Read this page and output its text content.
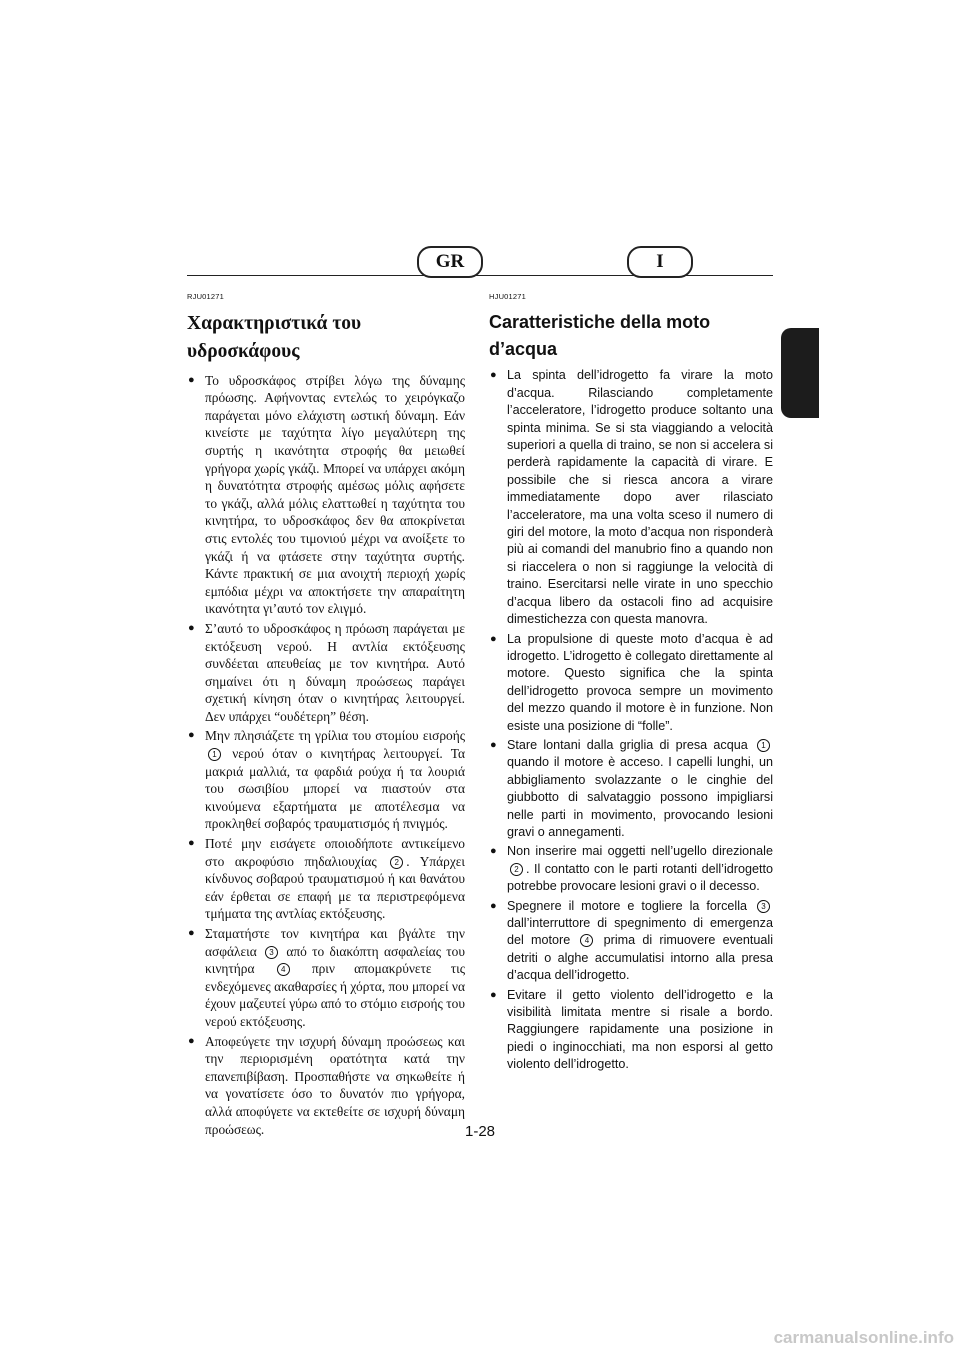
GR	I
RJU01271
Χαρακτηριστικά του
υδροσκάφους
● Το υδροσκάφος στρίβει λόγω της δύναμης πρόωσης. Αφήνοντας εντελώς το χειρόγκαζο παράγεται μόνο ελάχιστη ωστική δύναμη. Εάν κινείστε με ταχύτητα λίγο μεγαλύτερη της συρτής η ικανότητα στροφής θα μειωθεί γρήγορα χωρίς γκάζι. Μπορεί να υπάρχει ακόμη η δυνατότητα στροφής αμέσως μόλις αφήσετε το γκάζι, αλλά μόλις ελαττωθεί η ταχύτητα του κινητήρα, το υδροσκάφος δεν θα αποκρίνεται στις εντολές του τιμονιού μέχρι να ανοίξετε το γκάζι ή να φτάσετε στην ταχύτητα συρτής. Κάντε πρακτική σε μια ανοιχτή περιοχή χωρίς εμπόδια μέχρι να αποκτήσετε την απαραίτητη ικανότητα γι’αυτό τον ελιγμό.
● Σ’αυτό το υδροσκάφος η πρόωση παράγεται με εκτόξευση νερού. Η αντλία εκτόξευσης συνδέεται απευθείας με τον κινητήρα. Αυτό σημαίνει ότι η δύναμη προώσεως παράγει σχετική κίνηση όταν ο κινητήρας λειτουργεί. Δεν υπάρχει “ουδέτερη” θέση.
● Μην πλησιάζετε τη γρίλια του στομίου εισροής 1 νερού όταν ο κινητήρας λειτουργεί. Τα μακριά μαλλιά, τα φαρδιά ρούχα ή τα λουριά του σωσιβίου μπορεί να πιαστούν στα κινούμενα εξαρτήματα με αποτέλεσμα να προκληθεί σοβαρός τραυματισμός ή πνιγμός.
● Ποτέ μην εισάγετε οποιοδήποτε αντικείμενο στο ακροφύσιο πηδαλιουχίας 2 . Υπάρχει κίνδυνος σοβαρού τραυματισμού ή και θανάτου εάν έρθεται σε επαφή με τα περιστρεφόμενα τμήματα της αντλίας εκτόξευσης.
● Σταματήστε τον κινητήρα και βγάλτε την ασφάλεια 3 από το διακόπτη ασφαλείας του κινητήρα 4 πριν απομακρύνετε τις ενδεχόμενες ακαθαρσίες ή χόρτα, που μπορεί να έχουν μαζευτεί γύρω από το στόμιο εισροής του νερού εκτόξευσης.
● Αποφεύγετε την ισχυρή δύναμη προώσεως και την περιορισμένη ορατότητα κατά την επανεπιβίβαση. Προσπαθήστε να σηκωθείτε ή να γονατίσετε όσο το δυνατόν πιο γρήγορα, αλλά αποφύγετε να εκτεθείτε σε ισχυρή δύναμη προώσεως.
HJU01271
Caratteristiche della moto
d’acqua
● La spinta dell’idrogetto fa virare la moto d’acqua. Rilasciando completamente l’acceleratore, l’idrogetto produce soltanto una spinta minima. Se si sta viaggiando a velocità superiori a quella di traino, se non si accelera si perderà rapidamente la capacità di virare. E possibile che si riesca ancora a virare immediatamente dopo aver rilasciato l’acceleratore, ma una volta sceso il numero di giri del motore, la moto d’acqua non risponderà più ai comandi del manubrio fino a quando non si riaccelera o non si raggiunge la velocità di traino. Esercitarsi nelle virate in uno specchio d’acqua libero da ostacoli fino ad acquisire dimestichezza con questa manovra.
● La propulsione di queste moto d’acqua è ad idrogetto. L’idrogetto è collegato direttamente al motore. Questo significa che la spinta dell’idrogetto provoca sempre un movimento del mezzo quando il motore è in funzione. Non esiste una posizione di “folle”.
● Stare lontani dalla griglia di presa acqua 1 quando il motore è acceso. I capelli lunghi, un abbigliamento svolazzante o le cinghie del giubbotto di salvataggio possono impigliarsi nelle parti in movimento, provocando lesioni gravi o annegamenti.
● Non inserire mai oggetti nell’ugello direzionale 2 . Il contatto con le parti rotanti dell’idrogetto potrebbe provocare lesioni gravi o il decesso.
● Spegnere il motore e togliere la forcella 3 dall’interruttore di spegnimento di emergenza del motore 4 prima di rimuovere eventuali detriti o alghe accumulatisi intorno alla presa d’acqua dell’idrogetto.
● Evitare il getto violento dell’idrogetto e la visibilità limitata mentre si risale a bordo. Raggiungere rapidamente una posizione in piedi o inginocchiati, ma non esporsi al getto violento dell’idrogetto.
1-28
carmanualsonline.info
